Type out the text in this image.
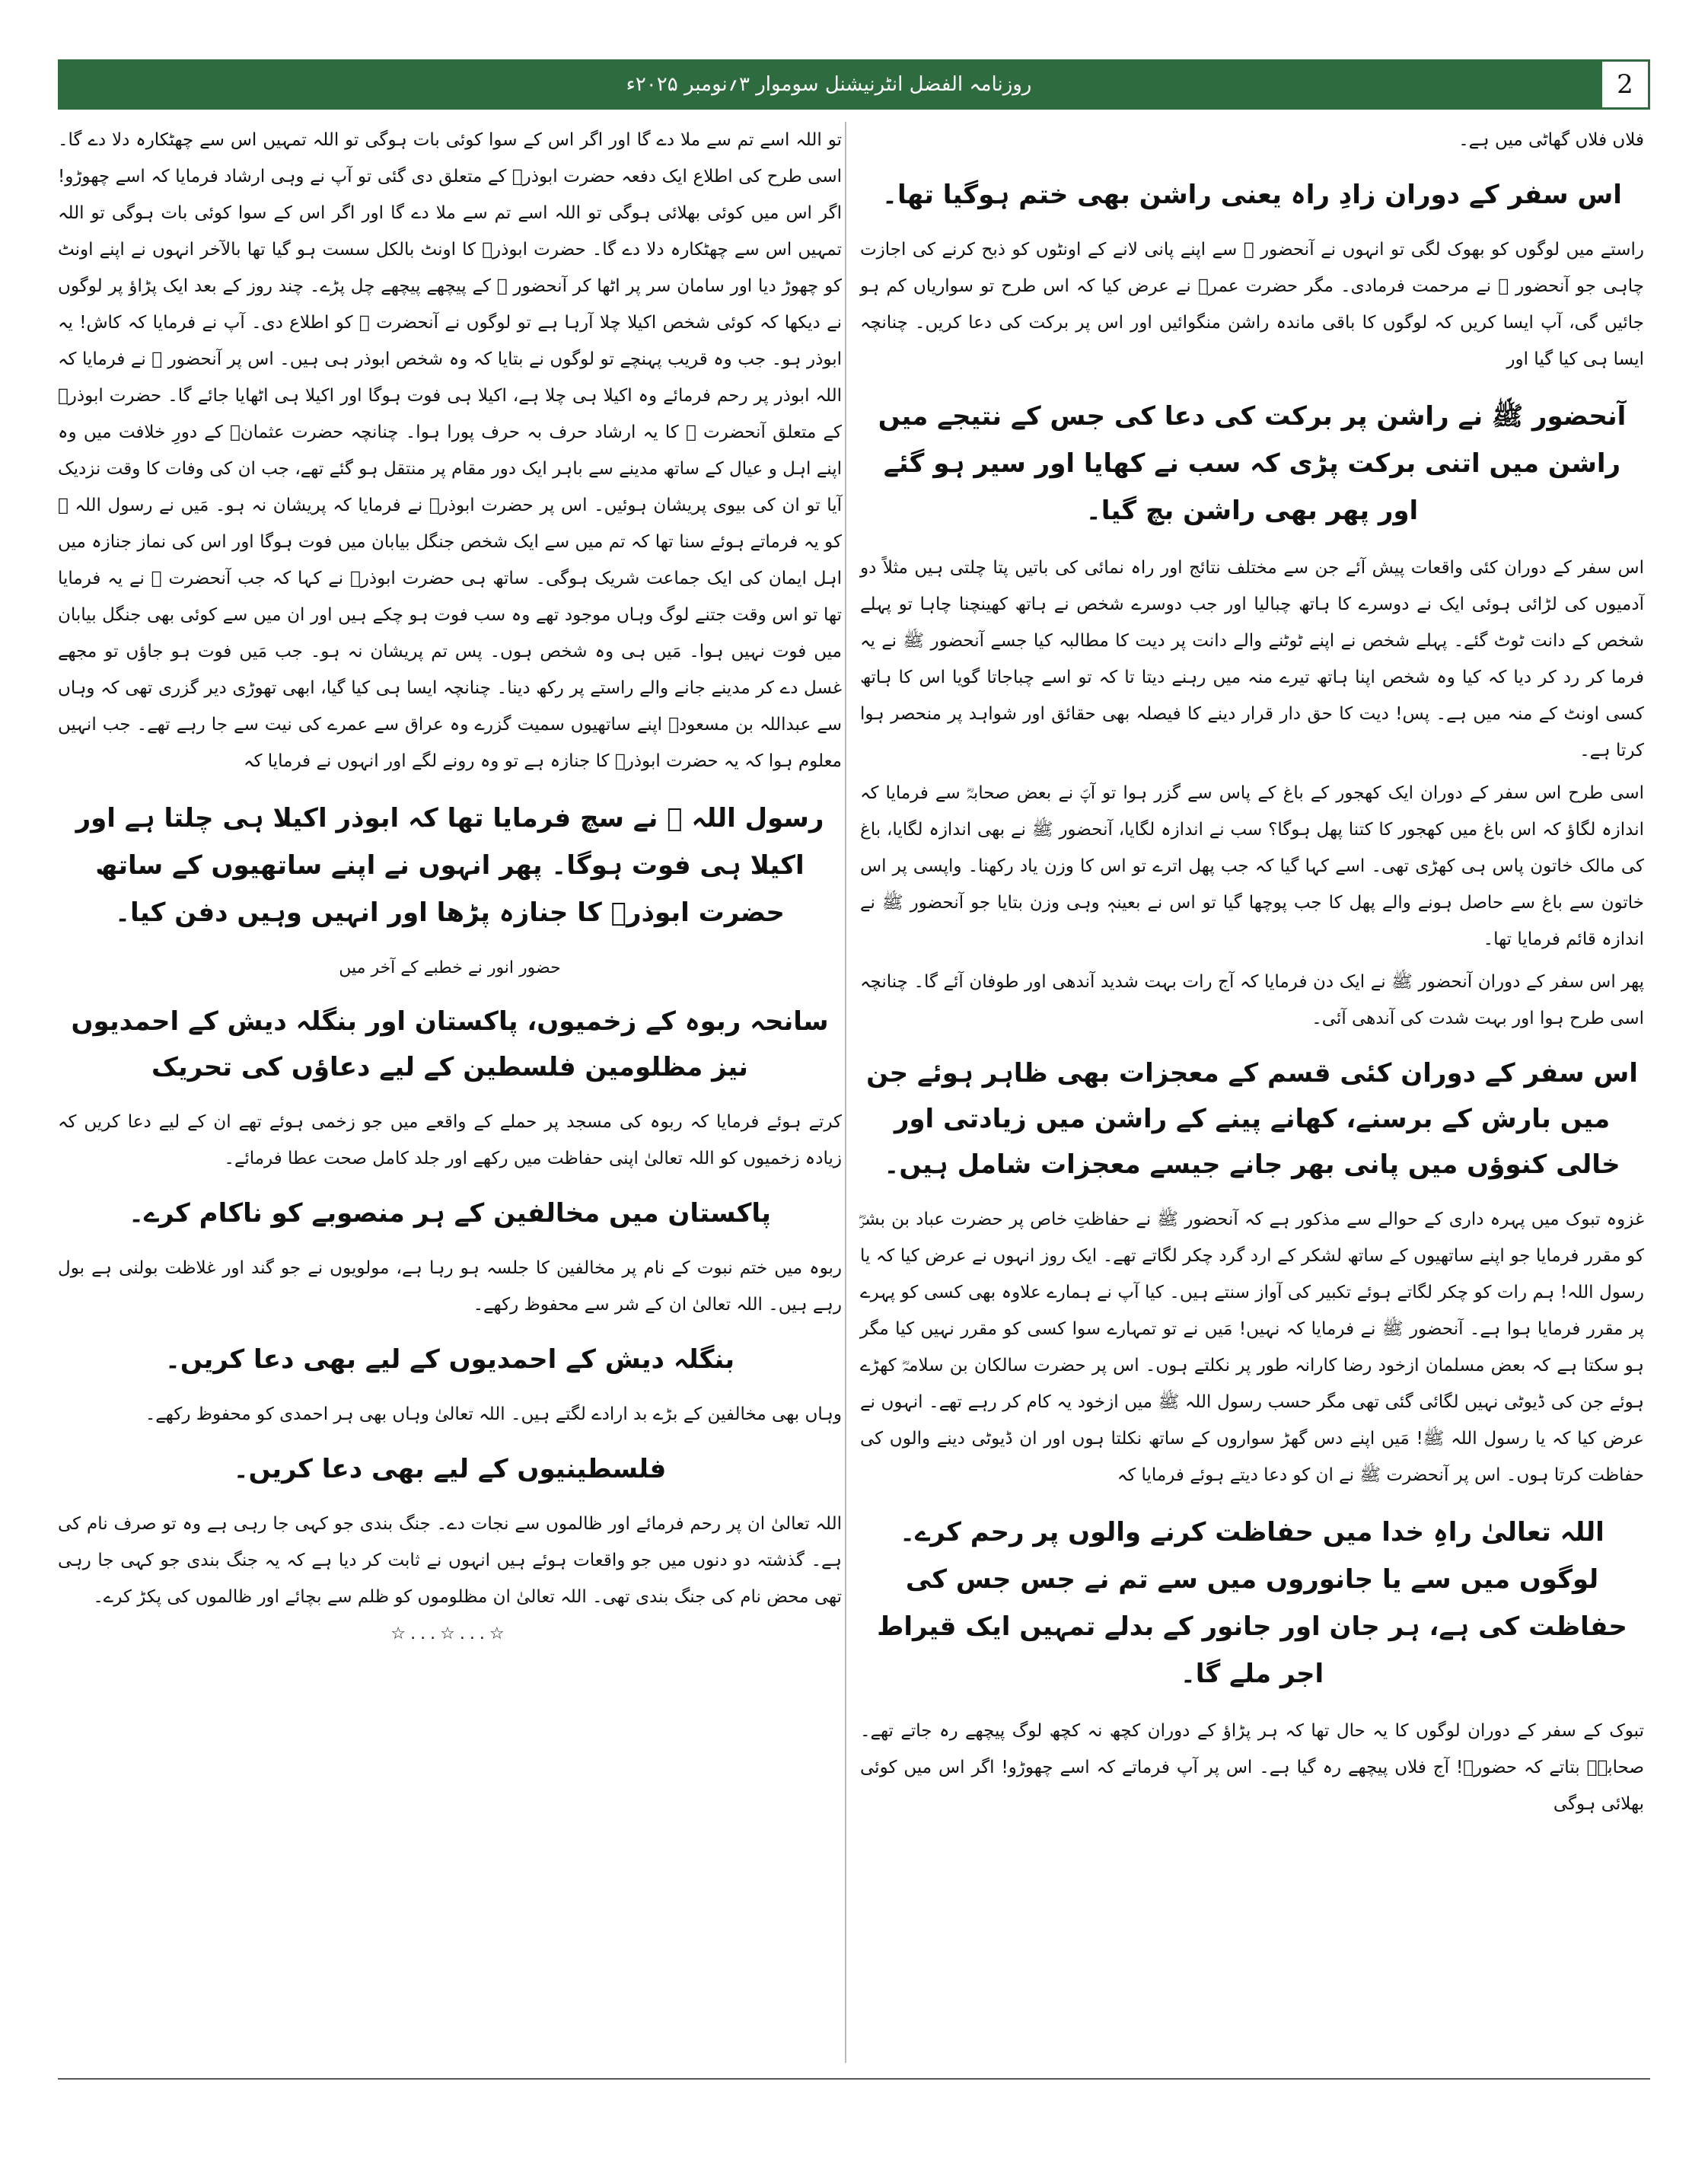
روزنامہ الفضل انٹرنیشنل سوموار ۳؍نومبر ۲۰۲۵ء	2

فلاں فلاں گھاٹی میں ہے۔

اس سفر کے دوران زادِ راہ یعنی راشن بھی ختم ہوگیا تھا۔

راستے میں لوگوں کو بھوک لگی تو انہوں نے آنحضور ﷺ سے اپنے پانی لانے کے اونٹوں کو ذبح کرنے کی اجازت چاہی جو آنحضور ﷺ نے مرحمت فرمادی۔ مگر حضرت عمرؓ نے عرض کیا کہ اس طرح تو سواریاں کم ہو جائیں گی، آپ ایسا کریں کہ لوگوں کا باقی ماندہ راشن منگوائیں اور اس پر برکت کی دعا کریں۔ چنانچہ ایسا ہی کیا گیا اور

آنحضور ﷺ نے راشن پر برکت کی دعا کی جس کے نتیجے میں راشن میں اتنی برکت پڑی کہ سب نے کھایا اور سیر ہو گئے اور پھر بھی راشن بچ گیا۔

اس سفر کے دوران کئی واقعات پیش آئے جن سے مختلف نتائج اور راہ نمائی کی باتیں پتا چلتی ہیں مثلاً دو آدمیوں کی لڑائی ہوئی ایک نے دوسرے کا ہاتھ چبالیا اور جب دوسرے شخص نے ہاتھ کھینچنا چاہا تو پہلے شخص کے دانت ٹوٹ گئے۔ پہلے شخص نے اپنے ٹوٹنے والے دانت پر دیت کا مطالبہ کیا جسے آنحضور ﷺ نے یہ فرما کر رد کر دیا کہ کیا وہ شخص اپنا ہاتھ تیرے منہ میں رہنے دیتا تا کہ تو اسے چباجاتا گویا اس کا ہاتھ کسی اونٹ کے منہ میں ہے۔ پس! دیت کا حق دار قرار دینے کا فیصلہ بھی حقائق اور شواہد پر منحصر ہوا کرتا ہے۔

اسی طرح اس سفر کے دوران ایک کھجور کے باغ کے پاس سے گزر ہوا تو آپؐ نے بعض صحابہؓ سے فرمایا کہ اندازہ لگاؤ کہ اس باغ میں کھجور کا کتنا پھل ہوگا؟ سب نے اندازہ لگایا، آنحضور ﷺ نے بھی اندازہ لگایا، باغ کی مالک خاتون پاس ہی کھڑی تھی۔ اسے کہا گیا کہ جب پھل اترے تو اس کا وزن یاد رکھنا۔ واپسی پر اس خاتون سے باغ سے حاصل ہونے والے پھل کا جب پوچھا گیا تو اس نے بعینہٖ وہی وزن بتایا جو آنحضور ﷺ نے اندازہ قائم فرمایا تھا۔

پھر اس سفر کے دوران آنحضور ﷺ نے ایک دن فرمایا کہ آج رات بہت شدید آندھی اور طوفان آئے گا۔ چنانچہ اسی طرح ہوا اور بہت شدت کی آندھی آئی۔

اس سفر کے دوران کئی قسم کے معجزات بھی ظاہر ہوئے جن میں بارش کے برسنے، کھانے پینے کے راشن میں زیادتی اور خالی کنوؤں میں پانی بھر جانے جیسے معجزات شامل ہیں۔

غزوہ تبوک میں پہرہ داری کے حوالے سے مذکور ہے کہ آنحضور ﷺ نے حفاظتِ خاص پر حضرت عباد بن بشرؓ کو مقرر فرمایا جو اپنے ساتھیوں کے ساتھ لشکر کے ارد گرد چکر لگاتے تھے۔ ایک روز انہوں نے عرض کیا کہ یا رسول اللہ! ہم رات کو چکر لگاتے ہوئے تکبیر کی آواز سنتے ہیں۔ کیا آپ نے ہمارے علاوہ بھی کسی کو پہرے پر مقرر فرمایا ہوا ہے۔ آنحضور ﷺ نے فرمایا کہ نہیں! مَیں نے تو تمہارے سوا کسی کو مقرر نہیں کیا مگر ہو سکتا ہے کہ بعض مسلمان ازخود رضا کارانہ طور پر نکلتے ہوں۔ اس پر حضرت سالکان بن سلامہؓ کھڑے ہوئے جن کی ڈیوٹی نہیں لگائی گئی تھی مگر حسب رسول اللہ ﷺ میں ازخود یہ کام کر رہے تھے۔ انہوں نے عرض کیا کہ یا رسول اللہ ﷺ! مَیں اپنے دس گھڑ سواروں کے ساتھ نکلتا ہوں اور ان ڈیوٹی دینے والوں کی حفاظت کرتا ہوں۔ اس پر آنحضرت ﷺ نے ان کو دعا دیتے ہوئے فرمایا کہ

اللہ تعالیٰ راہِ خدا میں حفاظت کرنے والوں پر رحم کرے۔ لوگوں میں سے یا جانوروں میں سے تم نے جس جس کی حفاظت کی ہے، ہر جان اور جانور کے بدلے تمہیں ایک قیراط اجر ملے گا۔

تبوک کے سفر کے دوران لوگوں کا یہ حال تھا کہ ہر پڑاؤ کے دوران کچھ نہ کچھ لوگ پیچھے رہ جاتے تھے۔ صحابہؓ بتاتے کہ حضورؐ! آج فلاں پیچھے رہ گیا ہے۔ اس پر آپ فرماتے کہ اسے چھوڑو! اگر اس میں کوئی بھلائی ہوگی

تو اللہ اسے تم سے ملا دے گا اور اگر اس کے سوا کوئی بات ہوگی تو اللہ تمہیں اس سے چھٹکارہ دلا دے گا۔ اسی طرح کی اطلاع ایک دفعہ حضرت ابوذرؓ کے متعلق دی گئی تو آپ نے وہی ارشاد فرمایا کہ اسے چھوڑو! اگر اس میں کوئی بھلائی ہوگی تو اللہ اسے تم سے ملا دے گا اور اگر اس کے سوا کوئی بات ہوگی تو اللہ تمہیں اس سے چھٹکارہ دلا دے گا۔ حضرت ابوذرؓ کا اونٹ بالکل سست ہو گیا تھا بالآخر انہوں نے اپنے اونٹ کو چھوڑ دیا اور سامان سر پر اٹھا کر آنحضور ﷺ کے پیچھے پیچھے چل پڑے۔ چند روز کے بعد ایک پڑاؤ پر لوگوں نے دیکھا کہ کوئی شخص اکیلا چلا آرہا ہے تو لوگوں نے آنحضرت ﷺ کو اطلاع دی۔ آپ نے فرمایا کہ کاش! یہ ابوذر ہو۔ جب وہ قریب پہنچے تو لوگوں نے بتایا کہ وہ شخص ابوذر ہی ہیں۔ اس پر آنحضور ﷺ نے فرمایا کہ اللہ ابوذر پر رحم فرمائے وہ اکیلا ہی چلا ہے، اکیلا ہی فوت ہوگا اور اکیلا ہی اٹھایا جائے گا۔ حضرت ابوذرؓ کے متعلق آنحضرت ﷺ کا یہ ارشاد حرف بہ حرف پورا ہوا۔ چنانچہ حضرت عثمانؓ کے دورِ خلافت میں وہ اپنے اہل و عیال کے ساتھ مدینے سے باہر ایک دور مقام پر منتقل ہو گئے تھے، جب ان کی وفات کا وقت نزدیک آیا تو ان کی بیوی پریشان ہوئیں۔ اس پر حضرت ابوذرؓ نے فرمایا کہ پریشان نہ ہو۔ مَیں نے رسول اللہ ﷺ کو یہ فرماتے ہوئے سنا تھا کہ تم میں سے ایک شخص جنگل بیابان میں فوت ہوگا اور اس کی نماز جنازہ میں اہل ایمان کی ایک جماعت شریک ہوگی۔ ساتھ ہی حضرت ابوذرؓ نے کہا کہ جب آنحضرت ﷺ نے یہ فرمایا تھا تو اس وقت جتنے لوگ وہاں موجود تھے وہ سب فوت ہو چکے ہیں اور ان میں سے کوئی بھی جنگل بیابان میں فوت نہیں ہوا۔ مَیں ہی وہ شخص ہوں۔ پس تم پریشان نہ ہو۔ جب مَیں فوت ہو جاؤں تو مجھے غسل دے کر مدینے جانے والے راستے پر رکھ دینا۔ چنانچہ ایسا ہی کیا گیا، ابھی تھوڑی دیر گزری تھی کہ وہاں سے عبداللہ بن مسعودؓ اپنے ساتھیوں سمیت گزرے وہ عراق سے عمرے کی نیت سے جا رہے تھے۔ جب انہیں معلوم ہوا کہ یہ حضرت ابوذرؓ کا جنازہ ہے تو وہ رونے لگے اور انہوں نے فرمایا کہ

رسول اللہ ﷺ نے سچ فرمایا تھا کہ ابوذر اکیلا ہی چلتا ہے اور اکیلا ہی فوت ہوگا۔ پھر انہوں نے اپنے ساتھیوں کے ساتھ حضرت ابوذرؓ کا جنازہ پڑھا اور انہیں وہیں دفن کیا۔
حضور انور نے خطبے کے آخر میں
سانحہ ربوہ کے زخمیوں، پاکستان اور بنگلہ دیش کے احمدیوں نیز مظلومین فلسطین کے لیے دعاؤں کی تحریک

کرتے ہوئے فرمایا کہ ربوہ کی مسجد پر حملے کے واقعے میں جو زخمی ہوئے تھے ان کے لیے دعا کریں کہ زیادہ زخمیوں کو اللہ تعالیٰ اپنی حفاظت میں رکھے اور جلد کامل صحت عطا فرمائے۔

پاکستان میں مخالفین کے ہر منصوبے کو ناکام کرے۔

ربوہ میں ختم نبوت کے نام پر مخالفین کا جلسہ ہو رہا ہے، مولویوں نے جو گند اور غلاظت بولنی ہے بول رہے ہیں۔ اللہ تعالیٰ ان کے شر سے محفوظ رکھے۔

بنگلہ دیش کے احمدیوں کے لیے بھی دعا کریں۔

وہاں بھی مخالفین کے بڑے بد ارادے لگتے ہیں۔ اللہ تعالیٰ وہاں بھی ہر احمدی کو محفوظ رکھے۔

فلسطینیوں کے لیے بھی دعا کریں۔

اللہ تعالیٰ ان پر رحم فرمائے اور ظالموں سے نجات دے۔ جنگ بندی جو کہی جا رہی ہے وہ تو صرف نام کی ہے۔ گذشتہ دو دنوں میں جو واقعات ہوئے ہیں انہوں نے ثابت کر دیا ہے کہ یہ جنگ بندی جو کہی جا رہی تھی محض نام کی جنگ بندی تھی۔ اللہ تعالیٰ ان مظلوموں کو ظلم سے بچائے اور ظالموں کی پکڑ کرے۔

☆...☆...☆
